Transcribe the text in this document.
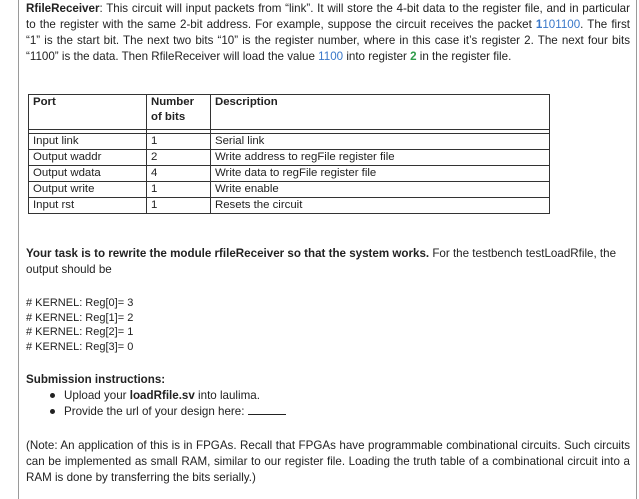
RfileReceiver: This circuit will input packets from “link”. It will store the 4-bit data to the register file, and in particular to the register with the same 2-bit address. For example, suppose the circuit receives the packet 1101100. The first “1” is the start bit. The next two bits “10” is the register number, where in this case it’s register 2. The next four bits “1100” is the data. Then RfileReceiver will load the value 1100 into register 2 in the register file.

Port	Number of bits	Description

Input link	1	Serial link
Output waddr	2	Write address to regFile register file
Output wdata	4	Write data to regFile register file
Output write	1	Write enable
Input rst	1	Resets the circuit

Your task is to rewrite the module rfileReceiver so that the system works. For the testbench testLoadRfile, the output should be

# KERNEL: Reg[0]= 3
# KERNEL: Reg[1]= 2
# KERNEL: Reg[2]= 1
# KERNEL: Reg[3]= 0

Submission instructions:

Upload your loadRfile.sv into laulima.
Provide the url of your design here:

(Note: An application of this is in FPGAs. Recall that FPGAs have programmable combinational circuits. Such circuits can be implemented as small RAM, similar to our register file. Loading the truth table of a combinational circuit into a RAM is done by transferring the bits serially.)
